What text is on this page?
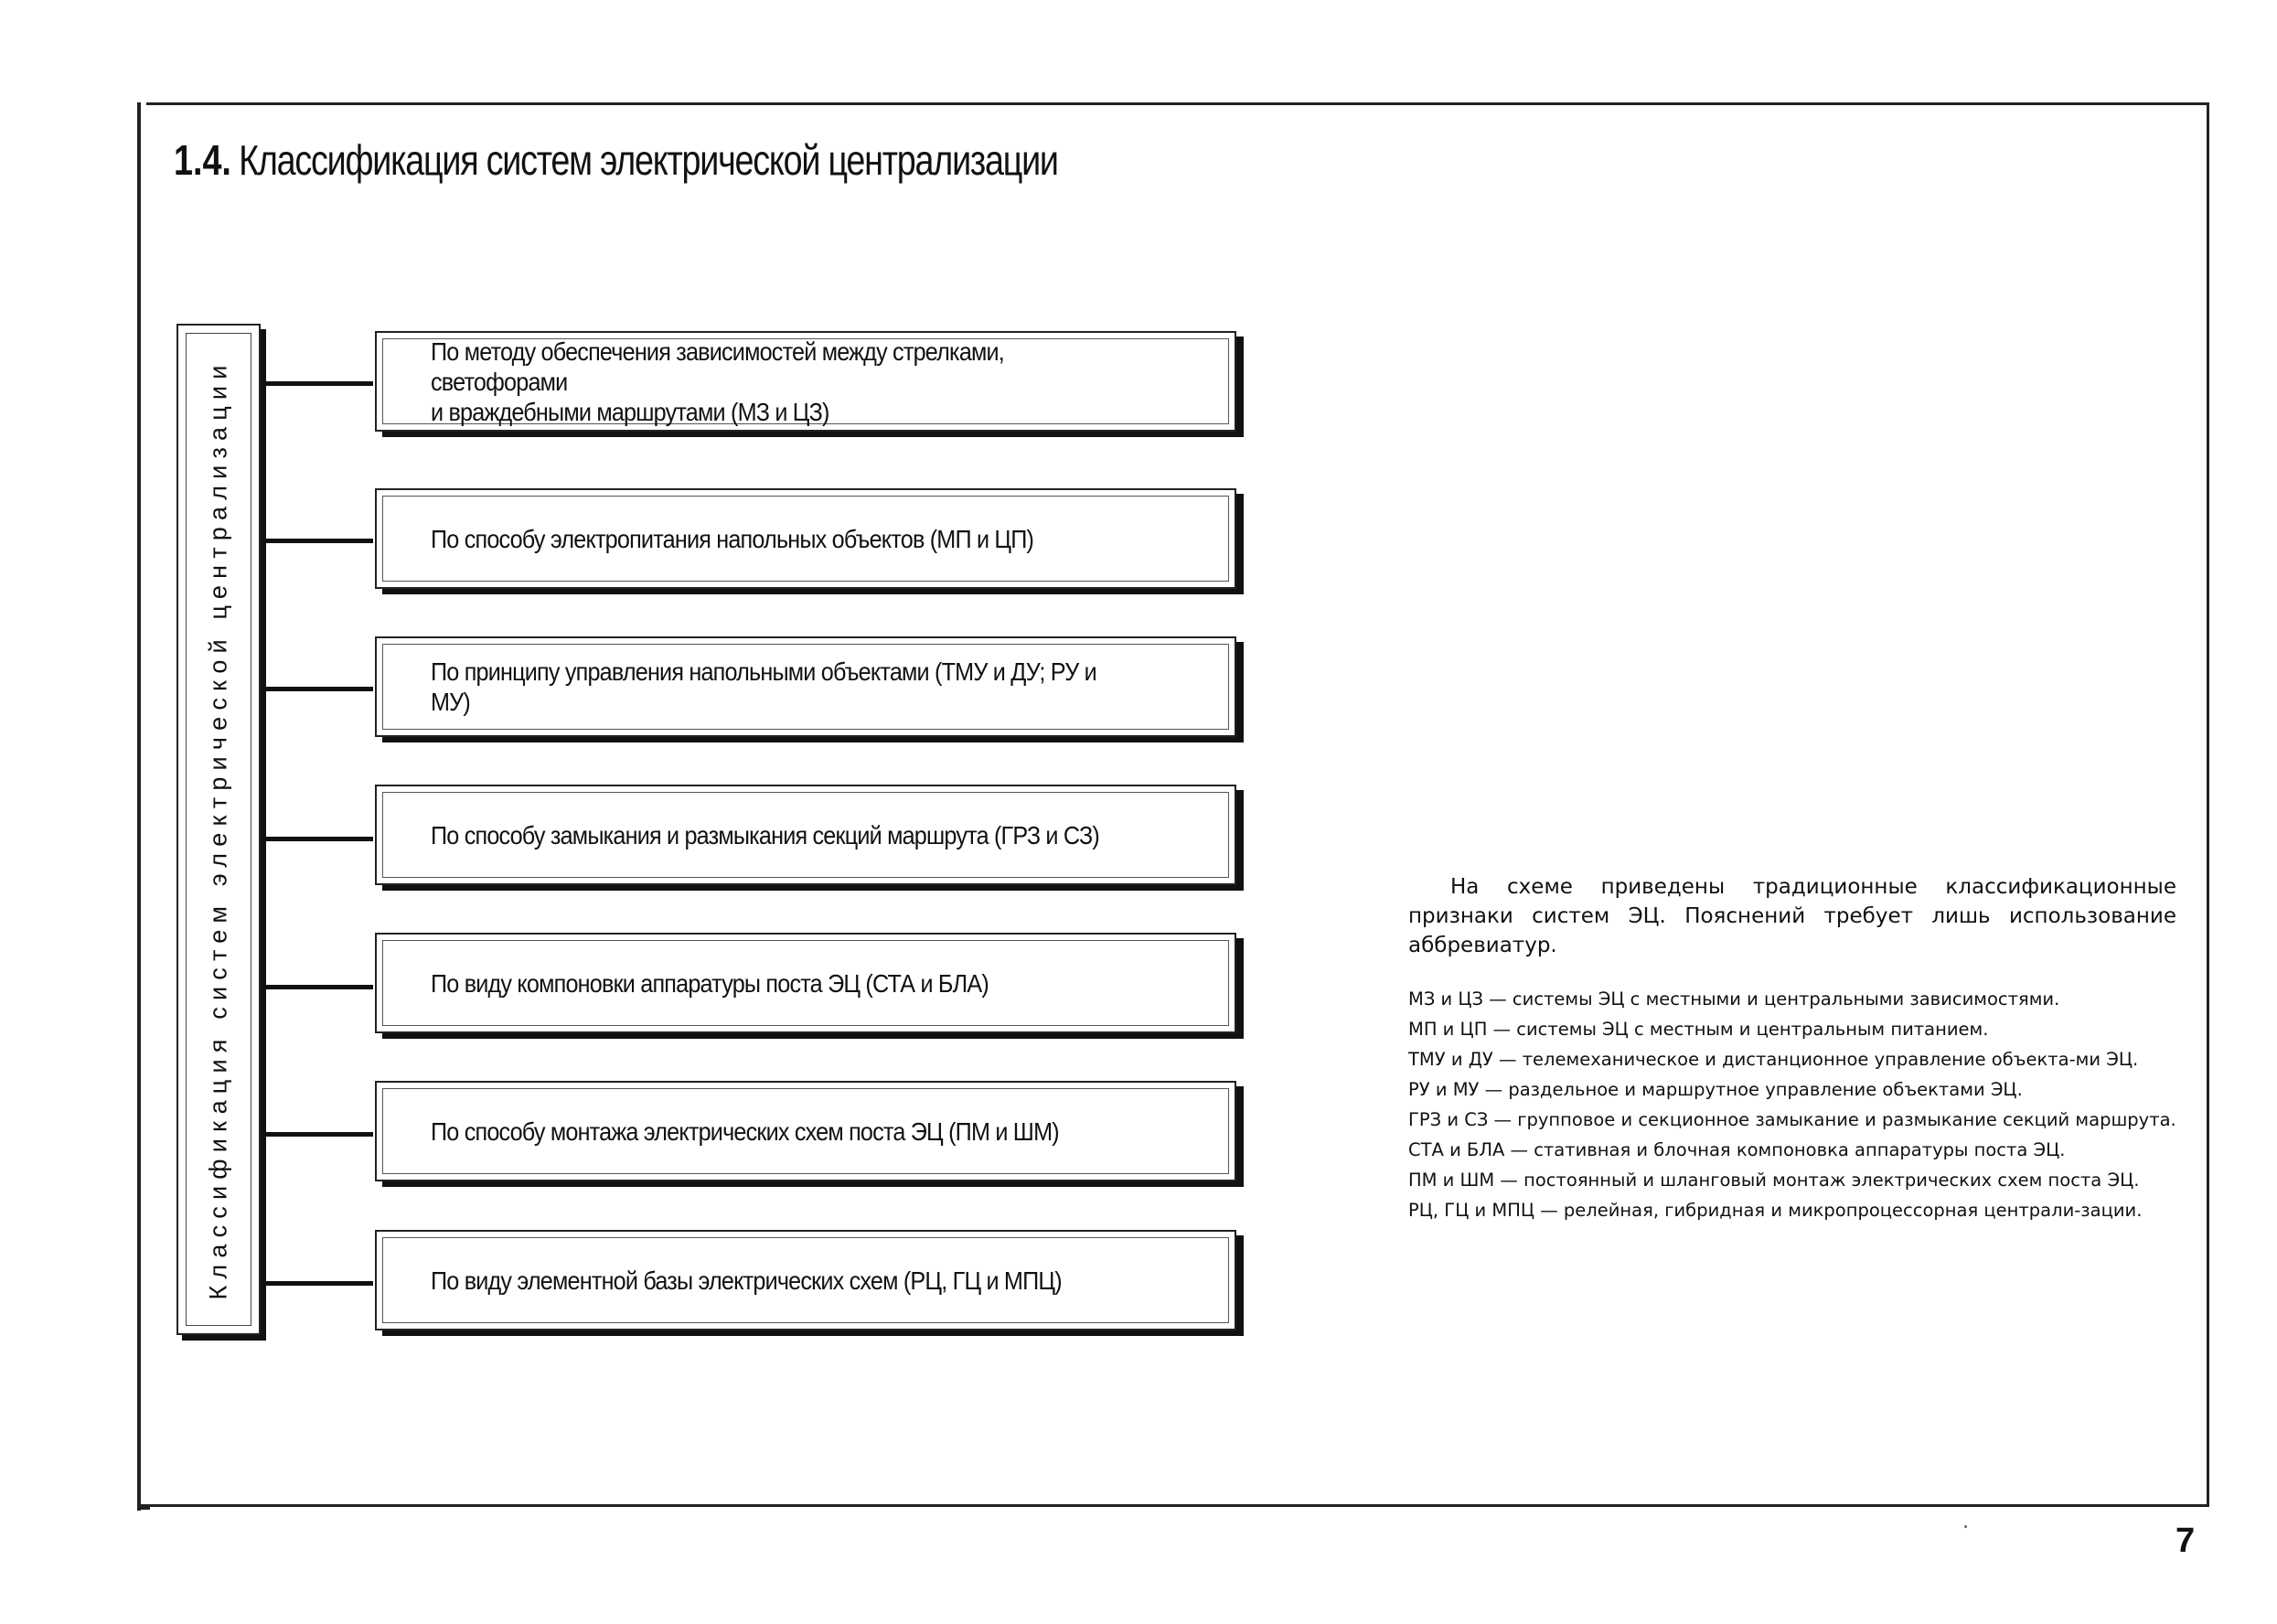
1.4. Классификация систем электрической централизации
Классификация систем электрической централизации
По методу обеспечения зависимостей между стрелками, светофорами
и враждебными маршрутами (МЗ и ЦЗ)
По способу электропитания напольных объектов (МП и ЦП)
По принципу управления напольными объектами (ТМУ и ДУ; РУ и МУ)
По способу замыкания и размыкания секций маршрута (ГРЗ и СЗ)
По виду компоновки аппаратуры поста ЭЦ (СТА и БЛА)
По способу монтажа электрических схем поста ЭЦ (ПМ и ШМ)
По виду элементной базы электрических схем (РЦ, ГЦ и МПЦ)

На схеме приведены традиционные классификационные признаки систем ЭЦ. Пояснений требует лишь использование аббревиатур.

МЗ и ЦЗ — системы ЭЦ с местными и центральными зависимостями.

МП и ЦП — системы ЭЦ с местным и центральным питанием.

ТМУ и ДУ — телемеханическое и дистанционное управление объекта-ми ЭЦ.

РУ и МУ — раздельное и маршрутное управление объектами ЭЦ.

ГРЗ и СЗ — групповое и секционное замыкание и размыкание секций маршрута.

СТА и БЛА — стативная и блочная компоновка аппаратуры поста ЭЦ.

ПМ и ШМ — постоянный и шланговый монтаж электрических схем поста ЭЦ.

РЦ, ГЦ и МПЦ — релейная, гибридная и микропроцессорная централи-зации.

7
